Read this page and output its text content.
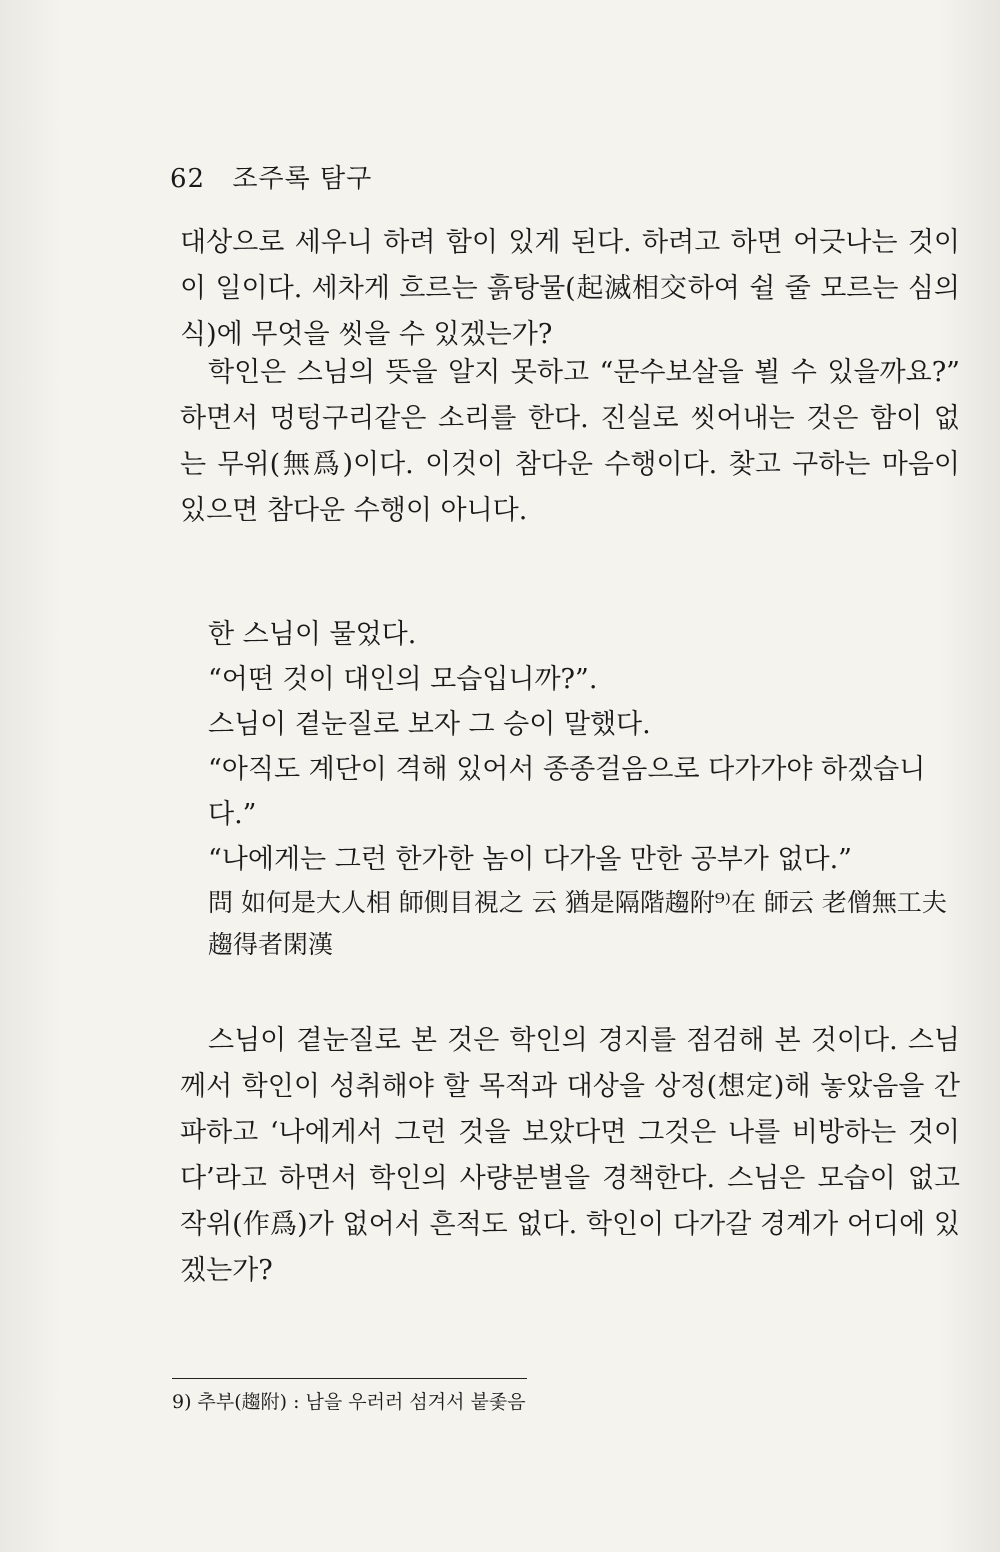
62 조주록 탐구

대상으로 세우니 하려 함이 있게 된다. 하려고 하면 어긋나는 것이 이 일이다. 세차게 흐르는 흙탕물(起滅相交하여 쉴 줄 모르는 심의식)에 무엇을 씻을 수 있겠는가?

학인은 스님의 뜻을 알지 못하고 “문수보살을 뵐 수 있을까요?” 하면서 멍텅구리같은 소리를 한다. 진실로 씻어내는 것은 함이 없는 무위(無爲)이다. 이것이 참다운 수행이다. 찾고 구하는 마음이 있으면 참다운 수행이 아니다.

한 스님이 물었다.

“어떤 것이 대인의 모습입니까?”.

스님이 곁눈질로 보자 그 승이 말했다.

“아직도 계단이 격해 있어서 종종걸음으로 다가가야 하겠습니다.”

“나에게는 그런 한가한 놈이 다가올 만한 공부가 없다.”

問 如何是大人相 師側目視之 云 猶是隔階趨附⁹⁾在 師云 老僧無工夫趨得者閑漢

스님이 곁눈질로 본 것은 학인의 경지를 점검해 본 것이다. 스님께서 학인이 성취해야 할 목적과 대상을 상정(想定)해 놓았음을 간파하고 ‘나에게서 그런 것을 보았다면 그것은 나를 비방하는 것이다’라고 하면서 학인의 사량분별을 경책한다. 스님은 모습이 없고 작위(作爲)가 없어서 흔적도 없다. 학인이 다가갈 경계가 어디에 있겠는가?

9) 추부(趨附) : 남을 우러러 섬겨서 붙좇음
